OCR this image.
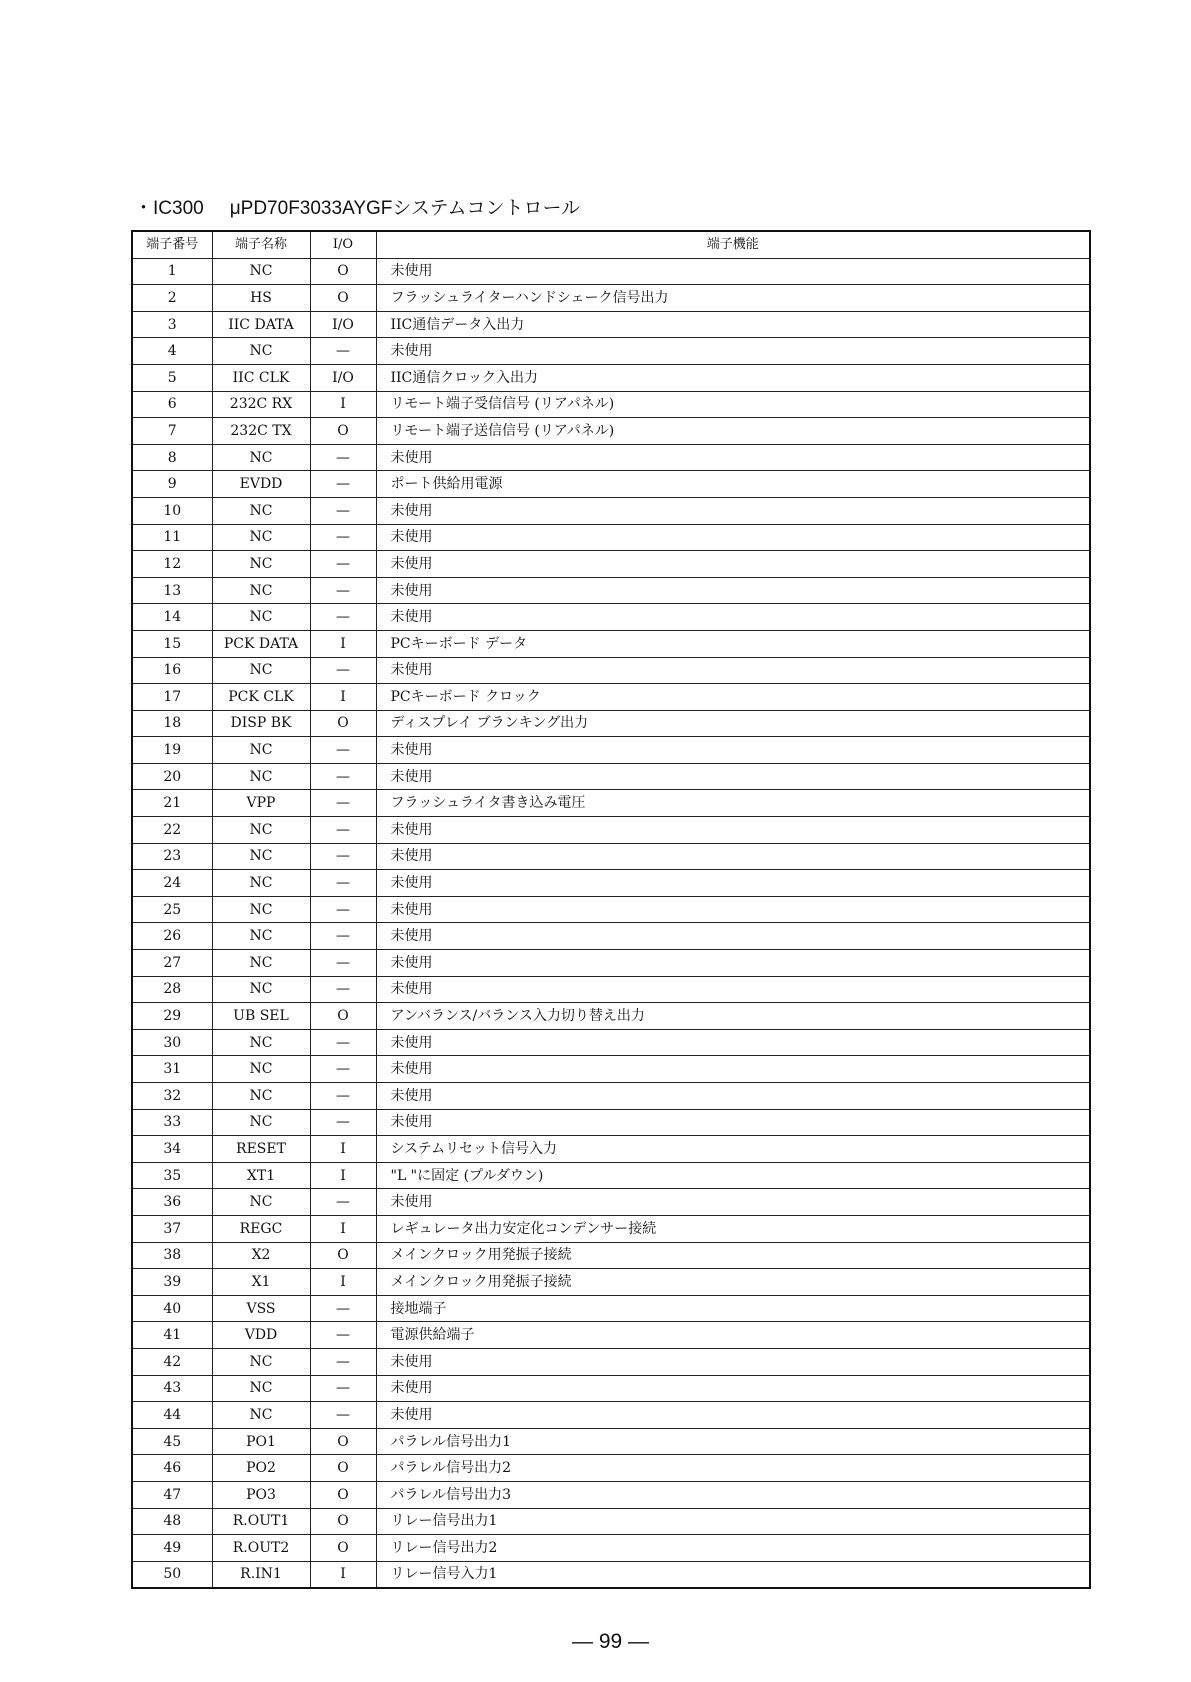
・IC300 μPD70F3033AYGFシステムコントロール
端子番号	端子名称	I/O	端子機能
1	NC	O	未使用
2	HS	O	フラッシュライターハンドシェーク信号出力
3	IIC DATA	I/O	IIC通信データ入出力
4	NC	—	未使用
5	IIC CLK	I/O	IIC通信クロック入出力
6	232C RX	I	リモート端子受信信号 (リアパネル)
7	232C TX	O	リモート端子送信信号 (リアパネル)
8	NC	—	未使用
9	EVDD	—	ポート供給用電源
10	NC	—	未使用
11	NC	—	未使用
12	NC	—	未使用
13	NC	—	未使用
14	NC	—	未使用
15	PCK DATA	I	PCキーボード データ
16	NC	—	未使用
17	PCK CLK	I	PCキーボード クロック
18	DISP BK	O	ディスプレイ ブランキング出力
19	NC	—	未使用
20	NC	—	未使用
21	VPP	—	フラッシュライタ書き込み電圧
22	NC	—	未使用
23	NC	—	未使用
24	NC	—	未使用
25	NC	—	未使用
26	NC	—	未使用
27	NC	—	未使用
28	NC	—	未使用
29	UB SEL	O	アンバランス/バランス入力切り替え出力
30	NC	—	未使用
31	NC	—	未使用
32	NC	—	未使用
33	NC	—	未使用
34	RESET	I	システムリセット信号入力
35	XT1	I	"L "に固定 (プルダウン)
36	NC	—	未使用
37	REGC	I	レギュレータ出力安定化コンデンサー接続
38	X2	O	メインクロック用発振子接続
39	X1	I	メインクロック用発振子接続
40	VSS	—	接地端子
41	VDD	—	電源供給端子
42	NC	—	未使用
43	NC	—	未使用
44	NC	—	未使用
45	PO1	O	パラレル信号出力1
46	PO2	O	パラレル信号出力2
47	PO3	O	パラレル信号出力3
48	R.OUT1	O	リレー信号出力1
49	R.OUT2	O	リレー信号出力2
50	R.IN1	I	リレー信号入力1
— 99 —
